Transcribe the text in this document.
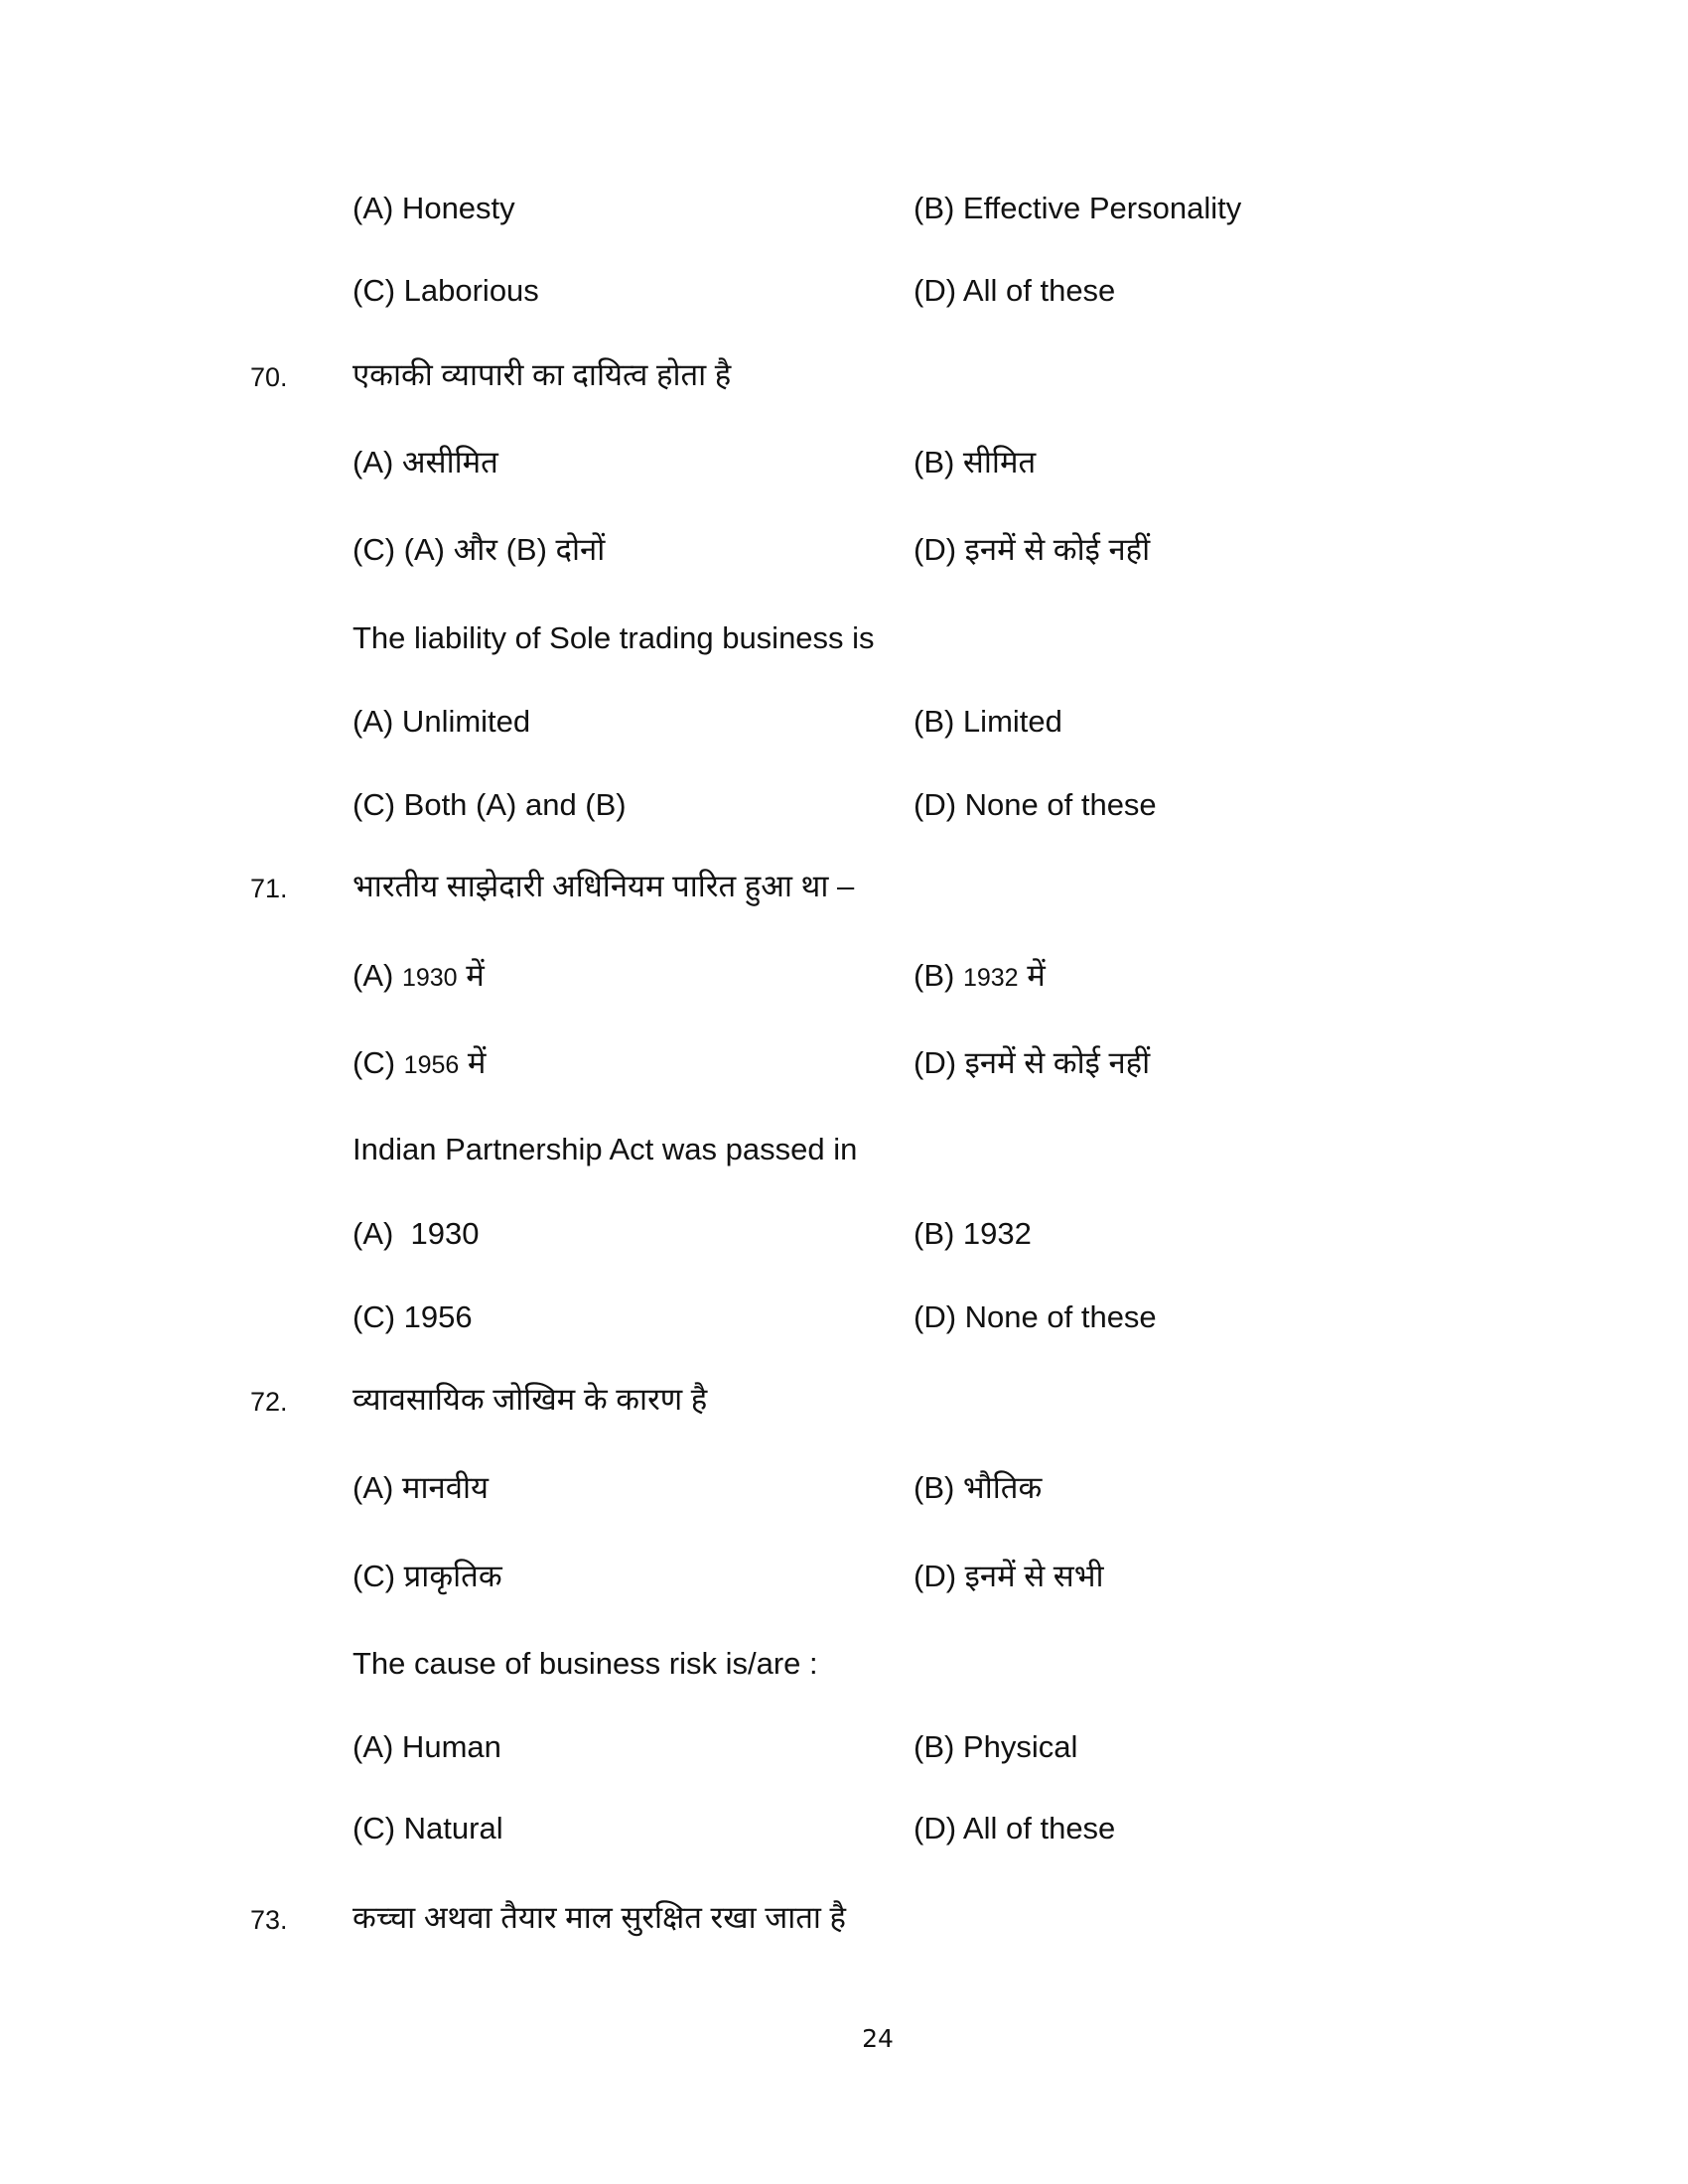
(A) Honesty	(B) Effective Personality
(C) Laborious	(D) All of these
70. एकाकी व्यापारी का दायित्व होता है
(A) असीमित	(B) सीमित
(C) (A) और (B) दोनों	(D) इनमें से कोई नहीं
The liability of Sole trading business is
(A) Unlimited	(B) Limited
(C) Both (A) and (B)	(D) None of these
71. भारतीय साझेदारी अधिनियम पारित हुआ था –
(A) 1930 में	(B) 1932 में
(C) 1956 में	(D) इनमें से कोई नहीं
Indian Partnership Act was passed in
(A)  1930	(B) 1932
(C) 1956	(D) None of these
72. व्यावसायिक जोखिम के कारण है
(A) मानवीय	(B) भौतिक
(C) प्राकृतिक	(D) इनमें से सभी
The cause of business risk is/are :
(A) Human	(B) Physical
(C) Natural	(D) All of these
73. कच्चा अथवा तैयार माल सुरक्षित रखा जाता है
24
